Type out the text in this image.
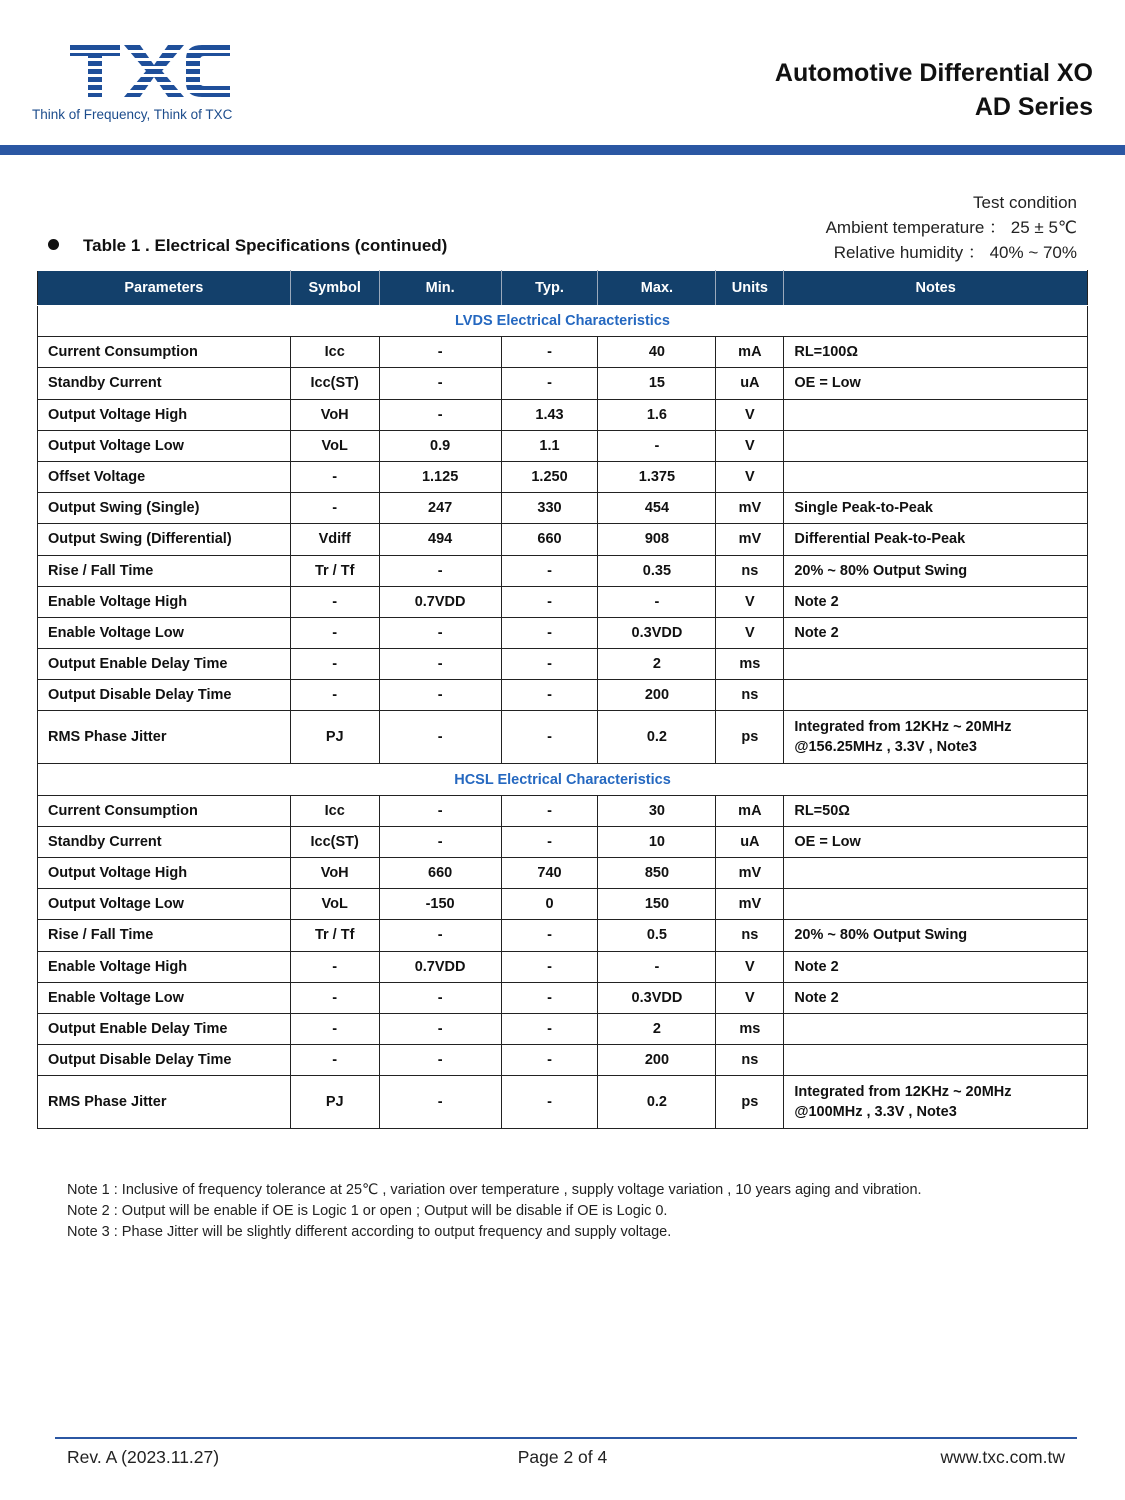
Think of Frequency, Think of TXC
Automotive Differential XO
AD Series
Test condition
Ambient temperature ： 25 ± 5℃
Relative humidity ： 40% ~ 70%
Table 1 . Electrical Specifications (continued)
Parameters	Symbol	Min.	Typ.	Max.	Units	Notes
LVDS Electrical Characteristics						
Current Consumption	Icc	-	-	40	mA	RL=100Ω
Standby Current	Icc(ST)	-	-	15	uA	OE = Low
Output Voltage High	VoH	-	1.43	1.6	V	
Output Voltage Low	VoL	0.9	1.1	-	V	
Offset Voltage	-	1.125	1.250	1.375	V	
Output Swing (Single)	-	247	330	454	mV	Single Peak-to-Peak
Output Swing (Differential)	Vdiff	494	660	908	mV	Differential Peak-to-Peak
Rise / Fall Time	Tr / Tf	-	-	0.35	ns	20% ~ 80% Output Swing
Enable Voltage High	-	0.7VDD	-	-	V	Note 2
Enable Voltage Low	-	-	-	0.3VDD	V	Note 2
Output Enable Delay Time	-	-	-	2	ms	
Output Disable Delay Time	-	-	-	200	ns	
RMS Phase Jitter	PJ	-	-	0.2	ps	Integrated from 12KHz ~ 20MHz
@156.25MHz , 3.3V , Note3

HCSL Electrical Characteristics						
Current Consumption	Icc	-	-	30	mA	RL=50Ω
Standby Current	Icc(ST)	-	-	10	uA	OE = Low
Output Voltage High	VoH	660	740	850	mV	
Output Voltage Low	VoL	-150	0	150	mV	
Rise / Fall Time	Tr / Tf	-	-	0.5	ns	20% ~ 80% Output Swing
Enable Voltage High	-	0.7VDD	-	-	V	Note 2
Enable Voltage Low	-	-	-	0.3VDD	V	Note 2
Output Enable Delay Time	-	-	-	2	ms	
Output Disable Delay Time	-	-	-	200	ns	
RMS Phase Jitter	PJ	-	-	0.2	ps	Integrated from 12KHz ~ 20MHz
@100MHz , 3.3V , Note3
Note 1 : Inclusive of frequency tolerance at 25℃ , variation over temperature , supply voltage variation , 10 years aging and vibration.
Note 2 : Output will be enable if OE is Logic 1 or open ; Output will be disable if OE is Logic 0.
Note 3 : Phase Jitter will be slightly different according to output frequency and supply voltage.
Rev. A (2023.11.27)	Page 2 of 4	www.txc.com.tw
